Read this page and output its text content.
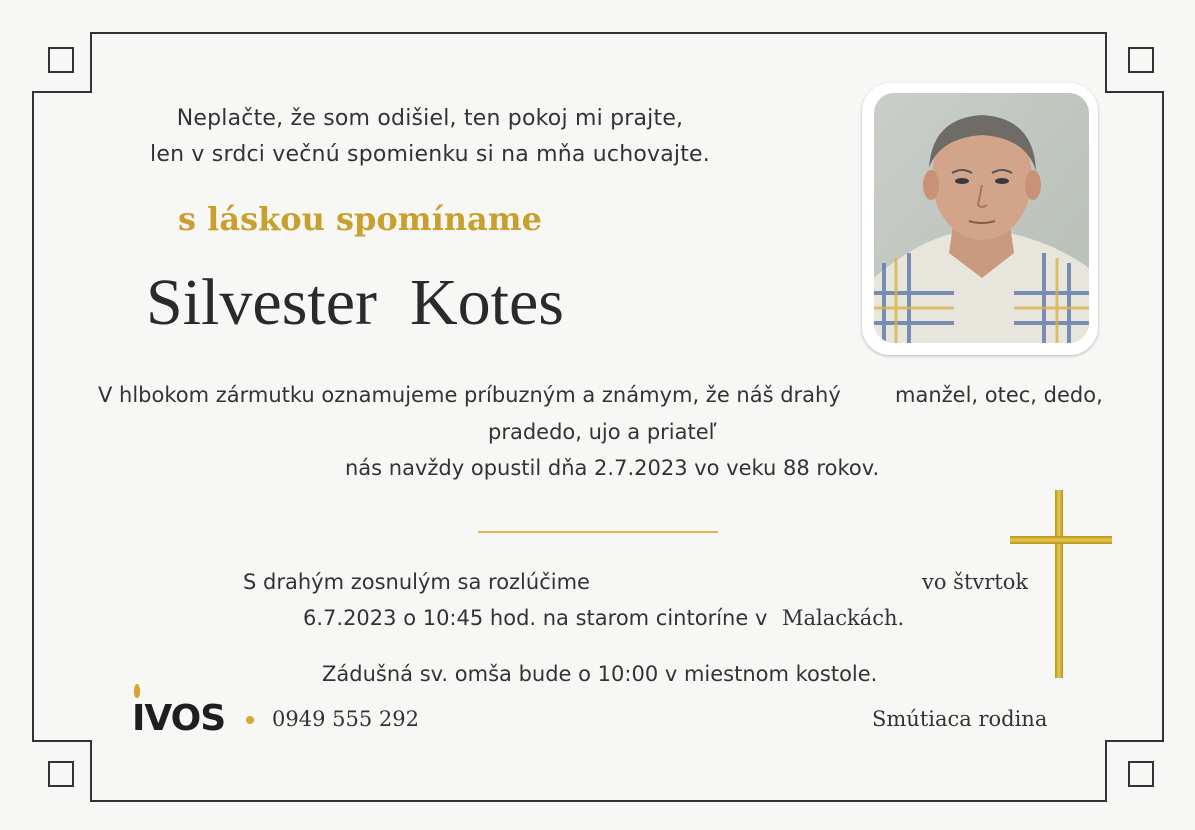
Neplačte, že som odišiel, ten pokoj mi prajte,
len v srdci večnú spomienku si na mňa uchovajte.
s láskou spomíname
Silvester  Kotes
V hlbokom zármutku oznamujeme príbuzným a známym, že náš drahý	manžel, otec, dedo,
pradedo, ujo a priateľ
nás navždy opustil dňa 2.7.2023 vo veku 88 rokov.
S drahým zosnulým sa rozlúčime	vo štvrtok
6.7.2023 o 10:45 hod. na starom cintoríne v Malackách.
Zádušná sv. omša bude o 10:00 v miestnom kostole.
IVOS 0949 555 292	Smútiaca rodina
